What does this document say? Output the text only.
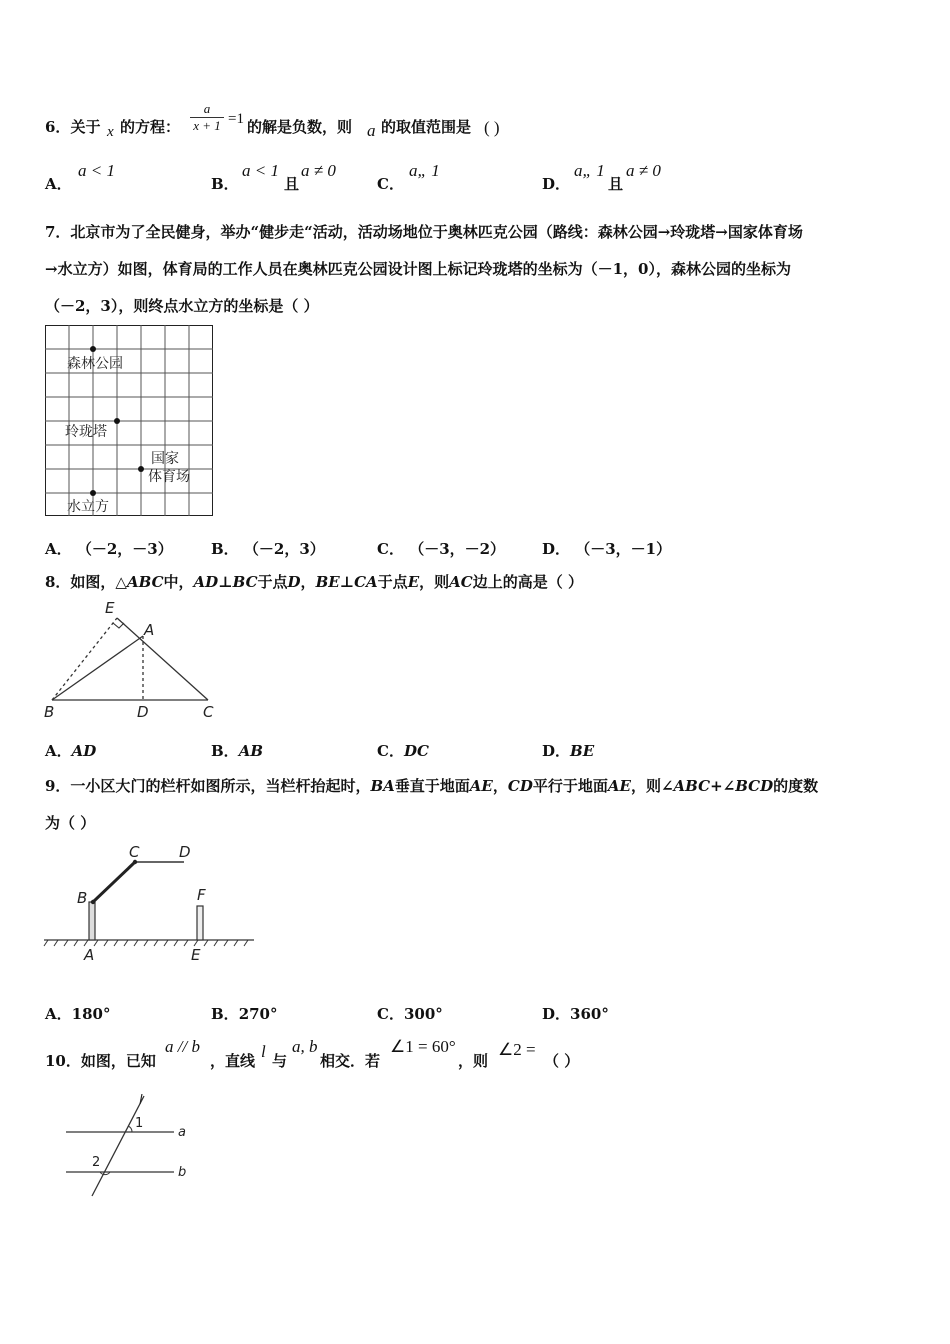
6．关于 x 的方程：
a
x + 1 =1 的解是负数，则 a 的取值范围是 ( )
A．
a < 1
B．
a < 1
且
a ≠ 0
C．
a„ 1
D．
a„ 1
且
a ≠ 0
7．北京市为了全民健身，举办“健步走“活动，活动场地位于奥林匹克公园（路线：森林公园→玲珑塔→国家体育场
→水立方）如图，体育局的工作人员在奥林匹克公园设计图上标记玲珑塔的坐标为（－1，0），森林公园的坐标为
（－2，3），则终点水立方的坐标是（ ）
森林公园
玲珑塔
国家
体育场
水立方
A． （－2，－3）	B． （－2，3）	C． （－3，－2） D． （－3，－1）
8．如图，△ABC中，AD⊥BC于点D，BE⊥CA于点E，则AC边上的高是（ ）
E
A
B	D	C
A．AD	B．AB	C．DC	D．BE
9．一小区大门的栏杆如图所示，当栏杆抬起时，BA垂直于地面AE，CD平行于地面AE，则∠ABC+∠BCD的度数
为（ ）
C	D
B	F
A	E
A．180°	B．270°	C．300°	D．360°
10．如图，已知
a // b
，直线 l 与
a, b
相交．若
∠1 = 60°
，则
∠2 =
（ ）
l
1
a
2
b
